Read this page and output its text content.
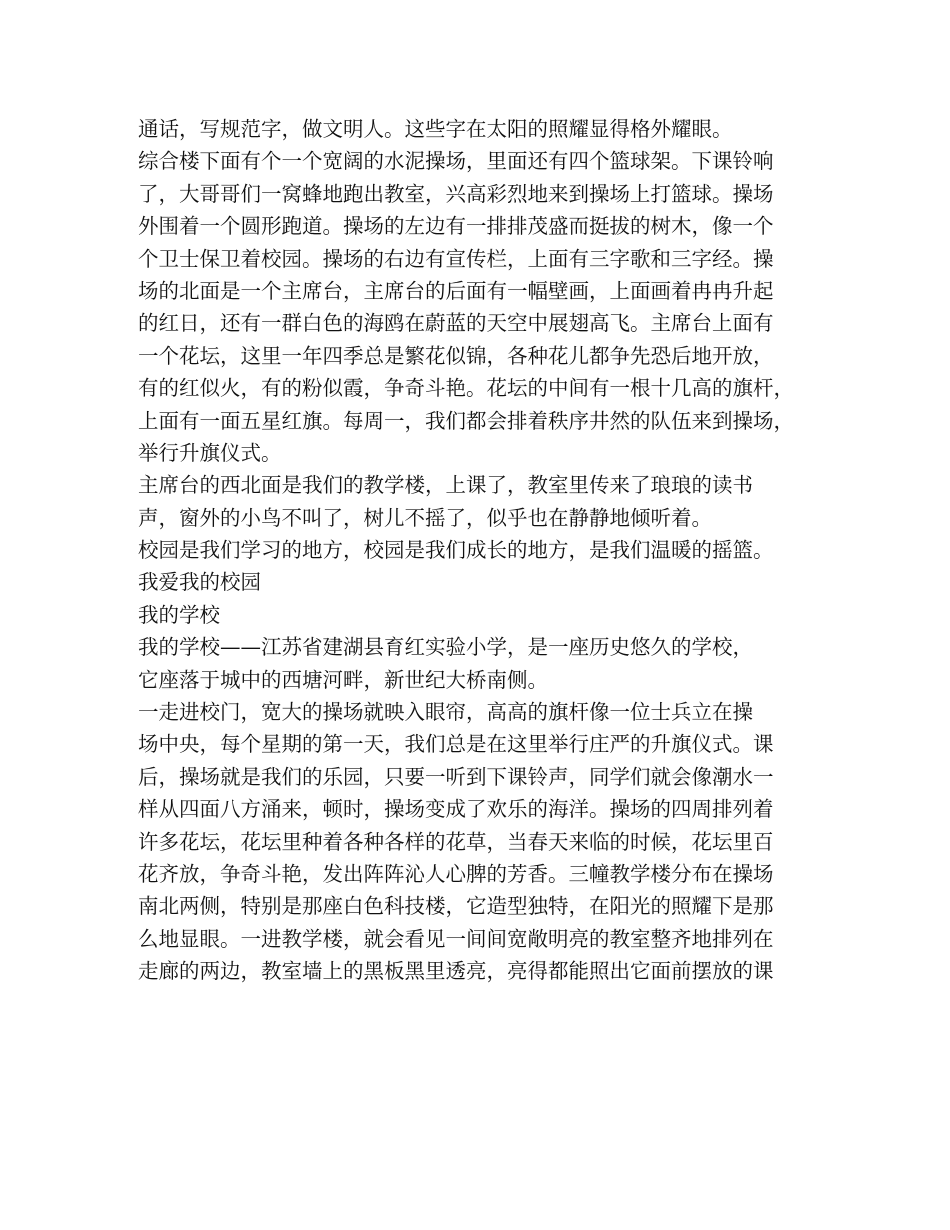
通话，写规范字，做文明人。这些字在太阳的照耀显得格外耀眼。
综合楼下面有个一个宽阔的水泥操场，里面还有四个篮球架。下课铃响
了，大哥哥们一窝蜂地跑出教室，兴高彩烈地来到操场上打篮球。操场
外围着一个圆形跑道。操场的左边有一排排茂盛而挺拔的树木，像一个
个卫士保卫着校园。操场的右边有宣传栏，上面有三字歌和三字经。操
场的北面是一个主席台，主席台的后面有一幅壁画，上面画着冉冉升起
的红日，还有一群白色的海鸥在蔚蓝的天空中展翅高飞。主席台上面有
一个花坛，这里一年四季总是繁花似锦，各种花儿都争先恐后地开放，
有的红似火，有的粉似霞，争奇斗艳。花坛的中间有一根十几高的旗杆，
上面有一面五星红旗。每周一，我们都会排着秩序井然的队伍来到操场，
举行升旗仪式。
主席台的西北面是我们的教学楼，上课了，教室里传来了琅琅的读书
声，窗外的小鸟不叫了，树儿不摇了，似乎也在静静地倾听着。
校园是我们学习的地方，校园是我们成长的地方，是我们温暖的摇篮。
我爱我的校园
我的学校
我的学校——江苏省建湖县育红实验小学，是一座历史悠久的学校，
它座落于城中的西塘河畔，新世纪大桥南侧。
一走进校门，宽大的操场就映入眼帘，高高的旗杆像一位士兵立在操
场中央，每个星期的第一天，我们总是在这里举行庄严的升旗仪式。课
后，操场就是我们的乐园，只要一听到下课铃声，同学们就会像潮水一
样从四面八方涌来，顿时，操场变成了欢乐的海洋。操场的四周排列着
许多花坛，花坛里种着各种各样的花草，当春天来临的时候，花坛里百
花齐放，争奇斗艳，发出阵阵沁人心脾的芳香。三幢教学楼分布在操场
南北两侧，特别是那座白色科技楼，它造型独特，在阳光的照耀下是那
么地显眼。一进教学楼，就会看见一间间宽敞明亮的教室整齐地排列在
走廊的两边，教室墙上的黑板黑里透亮，亮得都能照出它面前摆放的课
